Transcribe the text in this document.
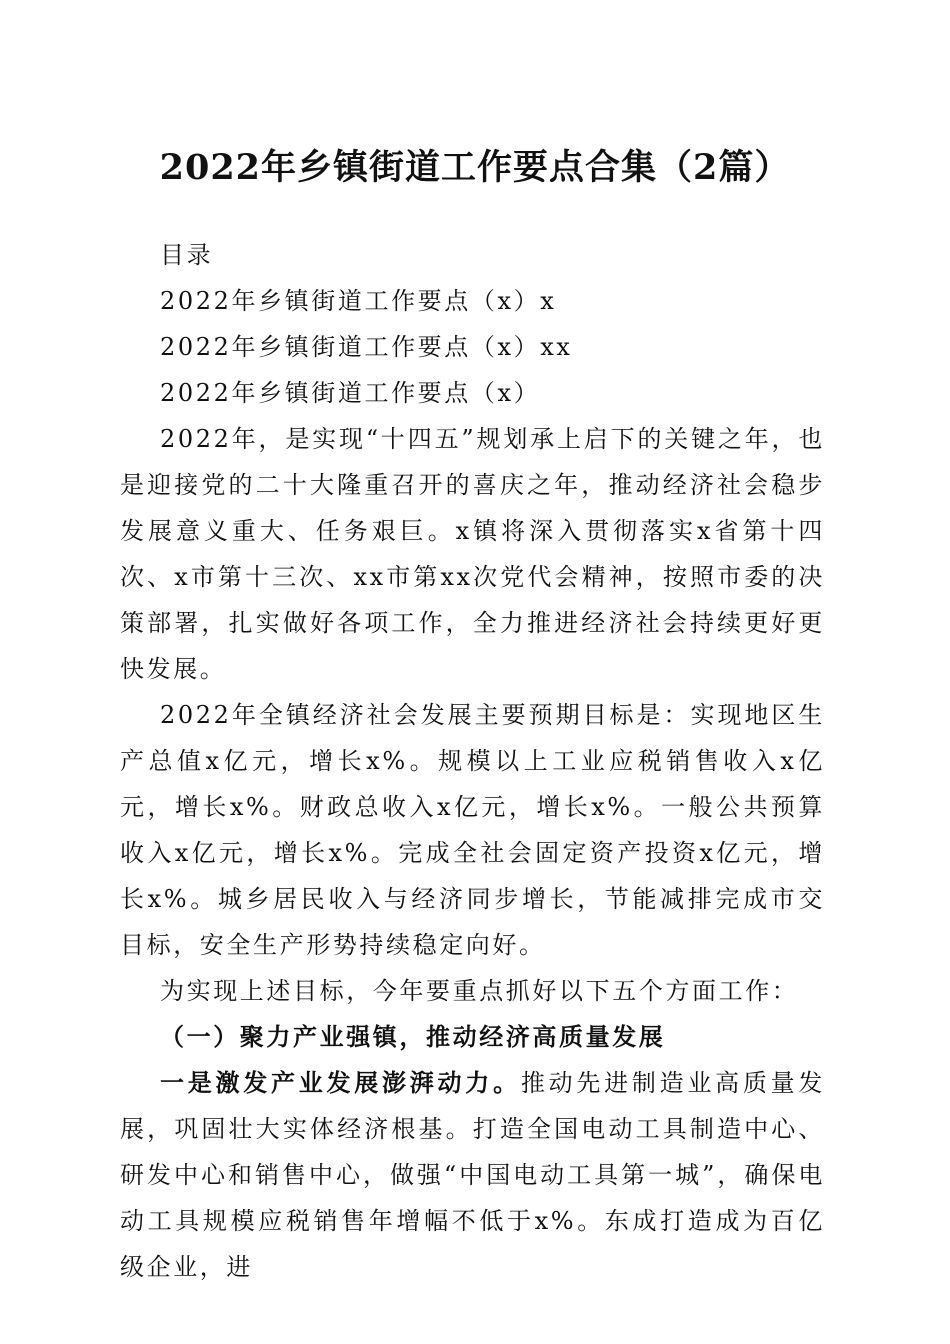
2022年乡镇街道工作要点合集（2篇）

目录

2022年乡镇街道工作要点（x）x

2022年乡镇街道工作要点（x）xx

2022年乡镇街道工作要点（x）

2022年，是实现“十四五”规划承上启下的关键之年，也是迎接党的二十大隆重召开的喜庆之年，推动经济社会稳步发展意义重大、任务艰巨。x镇将深入贯彻落实x省第十四次、x市第十三次、xx市第xx次党代会精神，按照市委的决策部署，扎实做好各项工作，全力推进经济社会持续更好更快发展。

2022年全镇经济社会发展主要预期目标是：实现地区生产总值x亿元，增长x%。规模以上工业应税销售收入x亿元，增长x%。财政总收入x亿元，增长x%。一般公共预算收入x亿元，增长x%。完成全社会固定资产投资x亿元，增长x%。城乡居民收入与经济同步增长，节能减排完成市交目标，安全生产形势持续稳定向好。

为实现上述目标，今年要重点抓好以下五个方面工作：

（一）聚力产业强镇，推动经济高质量发展

一是激发产业发展澎湃动力。推动先进制造业高质量发展，巩固壮大实体经济根基。打造全国电动工具制造中心、研发中心和销售中心，做强“中国电动工具第一城”，确保电动工具规模应税销售年增幅不低于x%。东成打造成为百亿级企业，进
